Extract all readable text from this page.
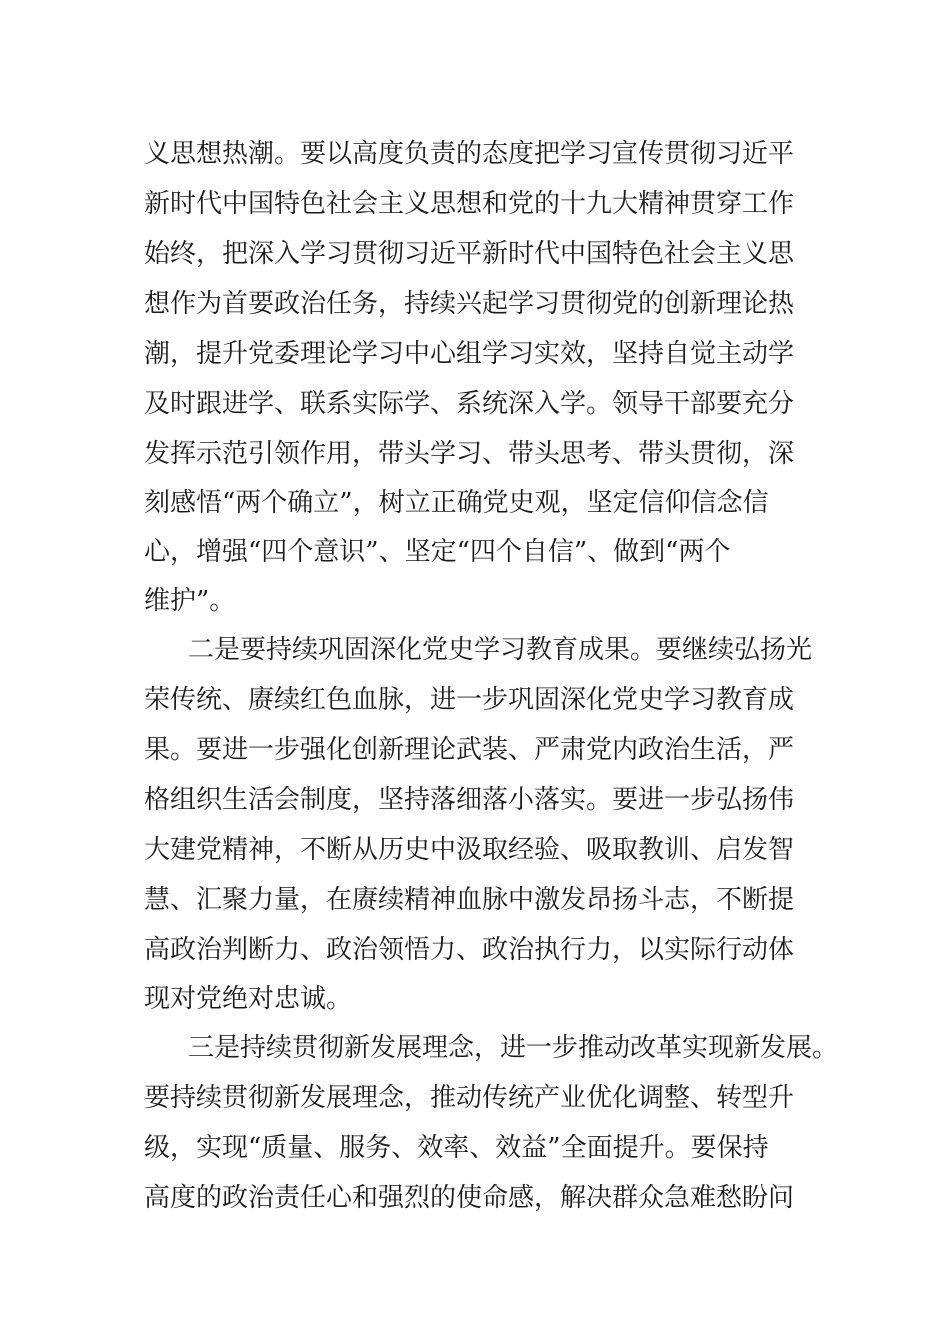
义思想热潮。要以高度负责的态度把学习宣传贯彻习近平
新时代中国特色社会主义思想和党的十九大精神贯穿工作
始终，把深入学习贯彻习近平新时代中国特色社会主义思
想作为首要政治任务，持续兴起学习贯彻党的创新理论热
潮，提升党委理论学习中心组学习实效，坚持自觉主动学
及时跟进学、联系实际学、系统深入学。领导干部要充分
发挥示范引领作用，带头学习、带头思考、带头贯彻，深
刻感悟“两个确立”，树立正确党史观，坚定信仰信念信
心，增强“四个意识”、坚定“四个自信”、做到“两个
维护”。
二是要持续巩固深化党史学习教育成果。要继续弘扬光
荣传统、赓续红色血脉，进一步巩固深化党史学习教育成
果。要进一步强化创新理论武装、严肃党内政治生活，严
格组织生活会制度，坚持落细落小落实。要进一步弘扬伟
大建党精神，不断从历史中汲取经验、吸取教训、启发智
慧、汇聚力量，在赓续精神血脉中激发昂扬斗志，不断提
高政治判断力、政治领悟力、政治执行力，以实际行动体
现对党绝对忠诚。
三是持续贯彻新发展理念，进一步推动改革实现新发展。
要持续贯彻新发展理念，推动传统产业优化调整、转型升
级，实现“质量、服务、效率、效益”全面提升。要保持
高度的政治责任心和强烈的使命感，解决群众急难愁盼问
